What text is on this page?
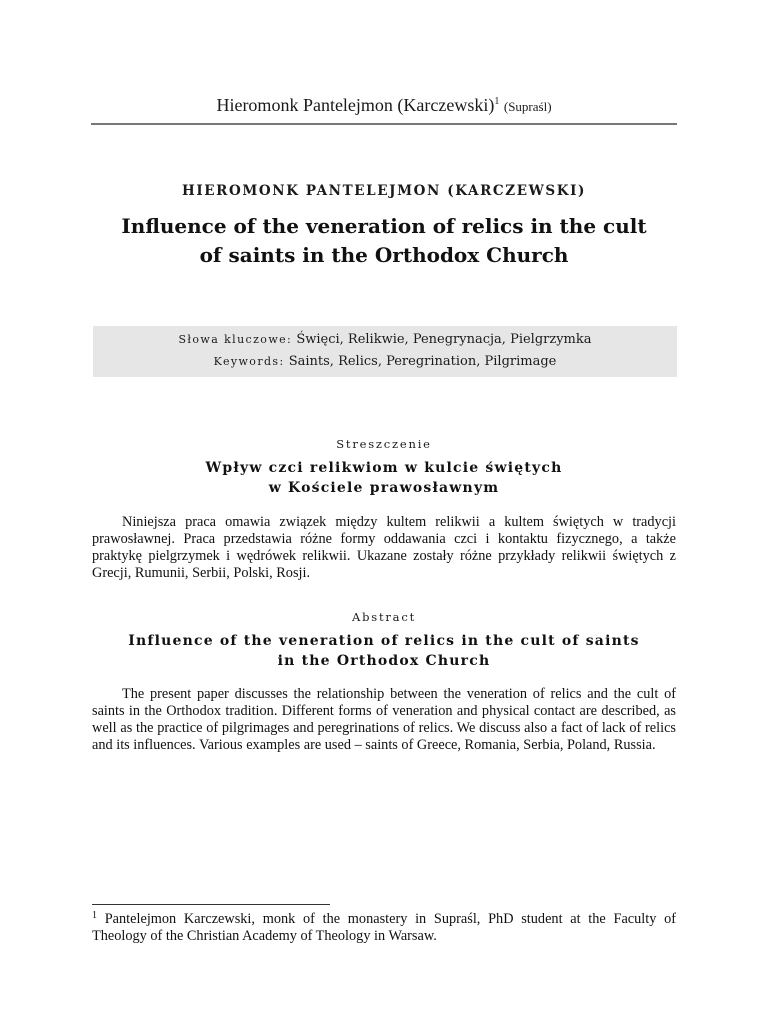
Hieromonk Pantelejmon (Karczewski)$^1$ (Supraśl)
HIEROMONK PANTELEJMON (KARCZEWSKI)
Influence of the veneration of relics in the cult
of saints in the Orthodox Church
Słowa kluczowe: Święci, Relikwie, Penegrynacja, Pielgrzymka
Keywords: Saints, Relics, Peregrination, Pilgrimage
Streszczenie
Wpływ czci relikwiom w kulcie świętych
w Kościele prawosławnym

Niniejsza praca omawia związek między kultem relikwii a kultem świętych w tradycji prawosławnej. Praca przedstawia różne formy oddawania czci i kontaktu fizycznego, a także praktykę pielgrzymek i wędrówek relikwii. Ukazane zostały różne przykłady relikwii świętych z Grecji, Rumunii, Serbii, Polski, Rosji.

Abstract
Influence of the veneration of relics in the cult of saints
in the Orthodox Church

The present paper discusses the relationship between the veneration of relics and the cult of saints in the Orthodox tradition. Different forms of veneration and physical contact are described, as well as the practice of pilgrimages and peregrinations of relics. We discuss also a fact of lack of relics and its influences. Various examples are used – saints of Greece, Romania, Serbia, Poland, Russia.

$^1$ Pantelejmon Karczewski, monk of the monastery in Supraśl, PhD student at the Faculty of Theology of the Christian Academy of Theology in Warsaw.
